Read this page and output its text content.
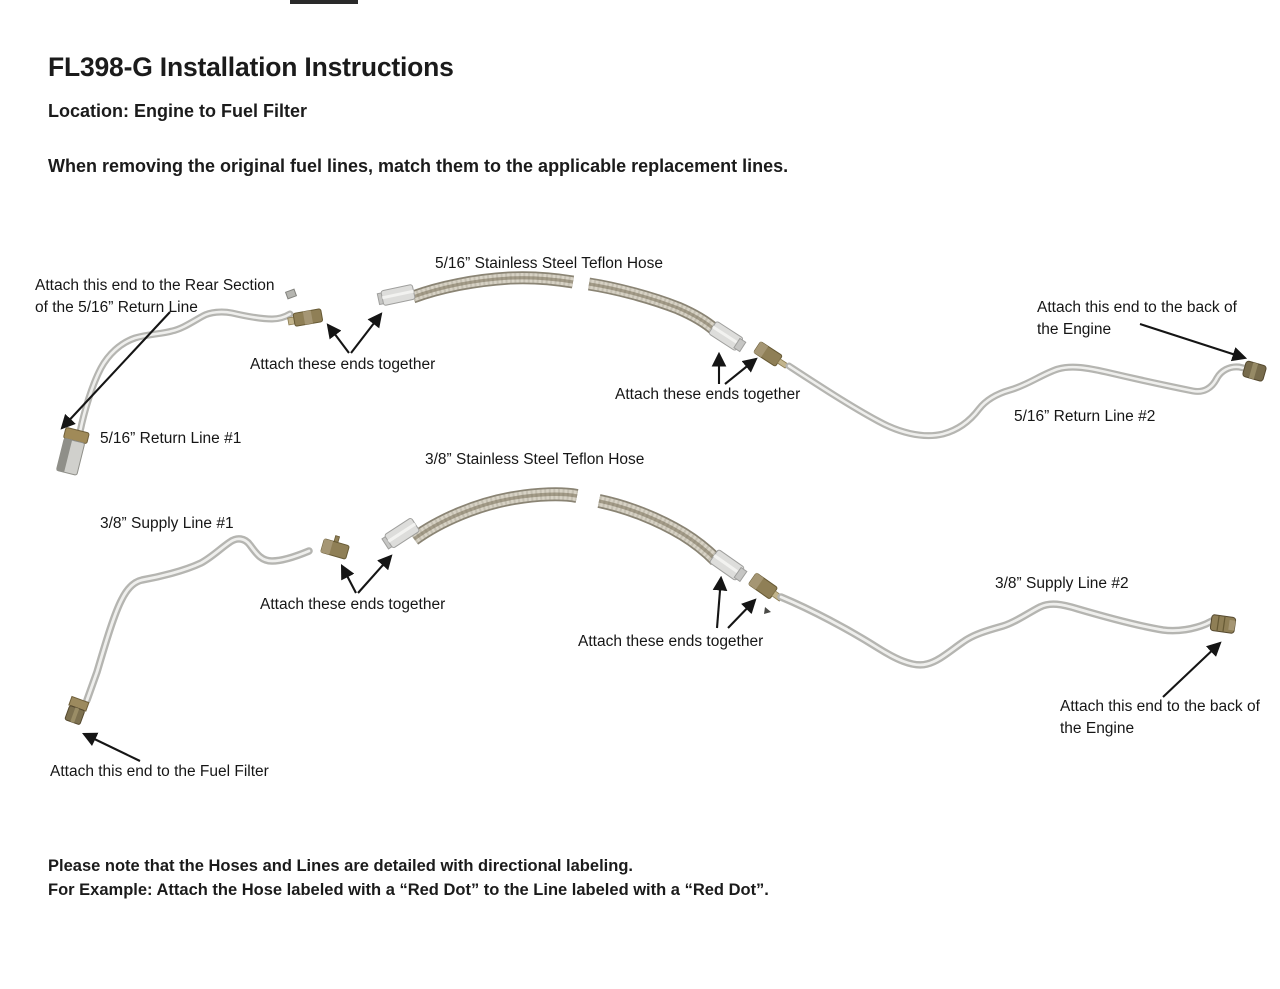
FL398-G Installation Instructions
Location: Engine to Fuel Filter
When removing the original fuel lines, match them to the applicable replacement lines.
5/16” Stainless Steel Teflon Hose
Attach this end to the Rear Section
of the 5/16” Return Line
Attach these ends together
Attach these ends together
Attach this end to the back of
the Engine
5/16” Return Line #1
5/16” Return Line #2
3/8” Stainless Steel Teflon Hose
3/8” Supply Line #1
Attach these ends together
Attach these ends together
3/8” Supply Line #2
Attach this end to the back of
the Engine
Attach this end to the Fuel Filter
Please note that the Hoses and Lines are detailed with directional labeling.
For Example: Attach the Hose labeled with a “Red Dot” to the Line labeled with a “Red Dot”.
